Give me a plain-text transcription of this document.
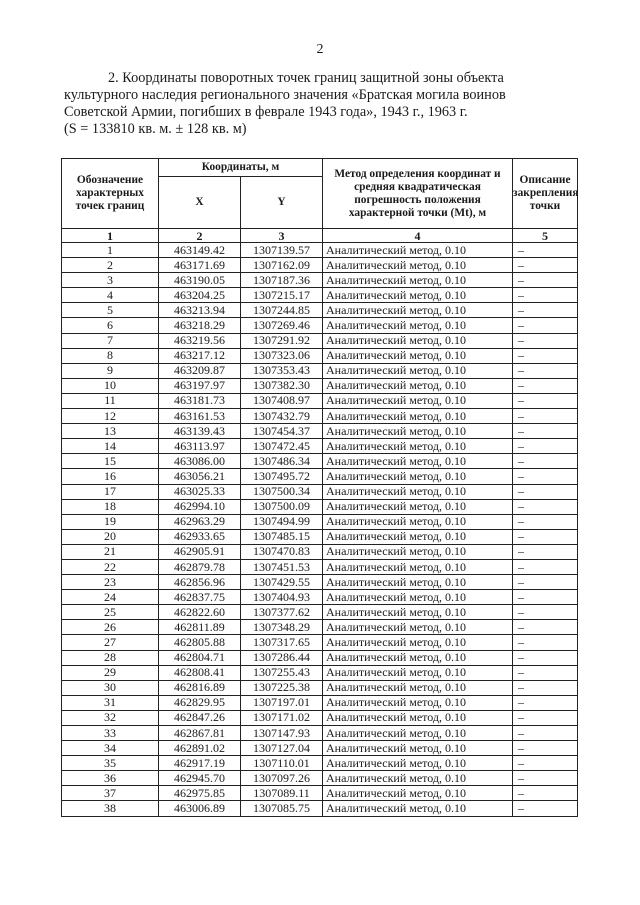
2
2. Координаты поворотных точек границ защитной зоны объекта
культурного наследия регионального значения «Братская могила воинов
Советской Армии, погибших в феврале 1943 года», 1943 г., 1963 г.
(S = 133810 кв. м. ± 128 кв. м)
Обозначение характерных точек границ	Координаты, м		Метод определения координат и средняя квадратическая погрешность положения характерной точки (Mt), м	Описание закрепления точки
	X	Y		
1	2	3	4	5
1	463149.42	1307139.57	Аналитический метод, 0.10	–
2	463171.69	1307162.09	Аналитический метод, 0.10	–
3	463190.05	1307187.36	Аналитический метод, 0.10	–
4	463204.25	1307215.17	Аналитический метод, 0.10	–
5	463213.94	1307244.85	Аналитический метод, 0.10	–
6	463218.29	1307269.46	Аналитический метод, 0.10	–
7	463219.56	1307291.92	Аналитический метод, 0.10	–
8	463217.12	1307323.06	Аналитический метод, 0.10	–
9	463209.87	1307353.43	Аналитический метод, 0.10	–
10	463197.97	1307382.30	Аналитический метод, 0.10	–
11	463181.73	1307408.97	Аналитический метод, 0.10	–
12	463161.53	1307432.79	Аналитический метод, 0.10	–
13	463139.43	1307454.37	Аналитический метод, 0.10	–
14	463113.97	1307472.45	Аналитический метод, 0.10	–
15	463086.00	1307486.34	Аналитический метод, 0.10	–
16	463056.21	1307495.72	Аналитический метод, 0.10	–
17	463025.33	1307500.34	Аналитический метод, 0.10	–
18	462994.10	1307500.09	Аналитический метод, 0.10	–
19	462963.29	1307494.99	Аналитический метод, 0.10	–
20	462933.65	1307485.15	Аналитический метод, 0.10	–
21	462905.91	1307470.83	Аналитический метод, 0.10	–
22	462879.78	1307451.53	Аналитический метод, 0.10	–
23	462856.96	1307429.55	Аналитический метод, 0.10	–
24	462837.75	1307404.93	Аналитический метод, 0.10	–
25	462822.60	1307377.62	Аналитический метод, 0.10	–
26	462811.89	1307348.29	Аналитический метод, 0.10	–
27	462805.88	1307317.65	Аналитический метод, 0.10	–
28	462804.71	1307286.44	Аналитический метод, 0.10	–
29	462808.41	1307255.43	Аналитический метод, 0.10	–
30	462816.89	1307225.38	Аналитический метод, 0.10	–
31	462829.95	1307197.01	Аналитический метод, 0.10	–
32	462847.26	1307171.02	Аналитический метод, 0.10	–
33	462867.81	1307147.93	Аналитический метод, 0.10	–
34	462891.02	1307127.04	Аналитический метод, 0.10	–
35	462917.19	1307110.01	Аналитический метод, 0.10	–
36	462945.70	1307097.26	Аналитический метод, 0.10	–
37	462975.85	1307089.11	Аналитический метод, 0.10	–
38	463006.89	1307085.75	Аналитический метод, 0.10	–
